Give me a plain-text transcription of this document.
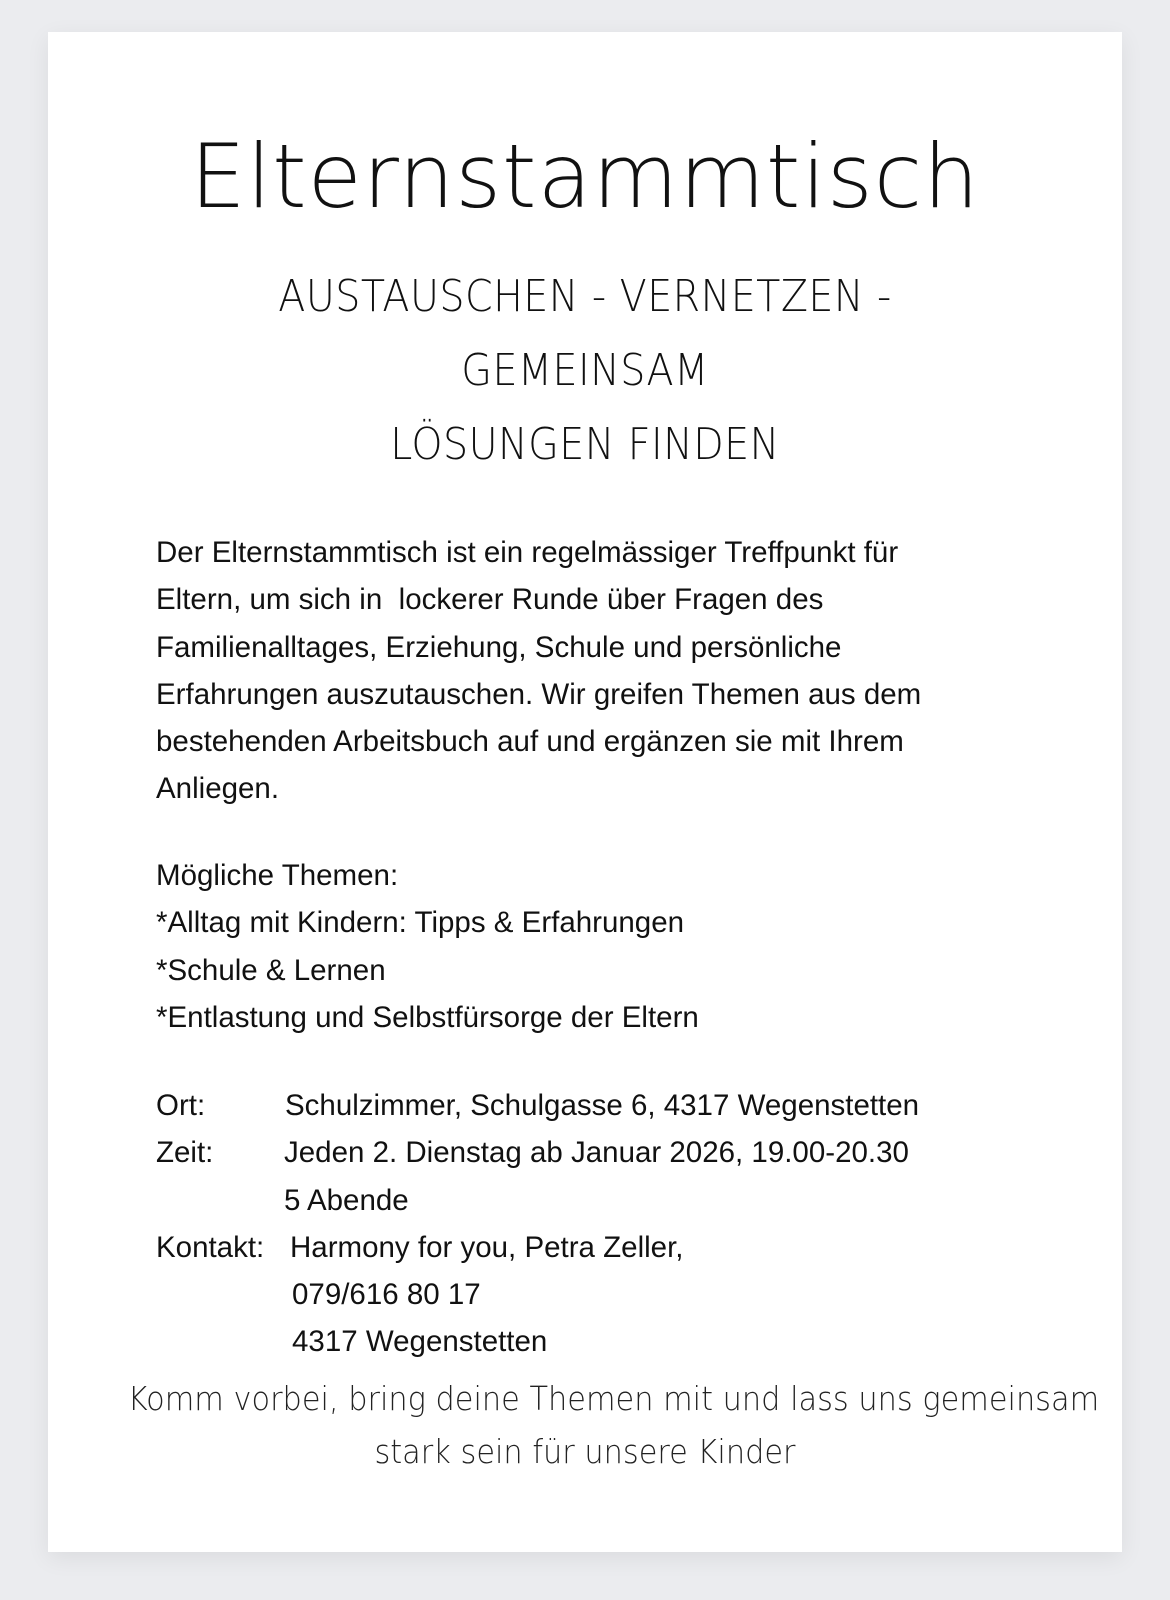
Elternstammtisch
AUSTAUSCHEN - VERNETZEN - GEMEINSAM
LÖSUNGEN FINDEN

Der Elternstammtisch ist ein regelmässiger Treffpunkt für
Eltern, um sich in  lockerer Runde über Fragen des
Familienalltages, Erziehung, Schule und persönliche
Erfahrungen auszutauschen. Wir greifen Themen aus dem
bestehenden Arbeitsbuch auf und ergänzen sie mit Ihrem
Anliegen.

Mögliche Themen:
*Alltag mit Kindern: Tipps & Erfahrungen
*Schule & Lernen
*Entlastung und Selbstfürsorge der Eltern
Ort:	Schulzimmer, Schulgasse 6, 4317 Wegenstetten
Zeit: Jeden 2. Dienstag ab Januar 2026, 19.00-20.30
5 Abende
Kontakt: Harmony for you, Petra Zeller,
079/616 80 17
4317 Wegenstetten

Komm vorbei, bring deine Themen mit und lass uns gemeinsam
stark sein für unsere Kinder
